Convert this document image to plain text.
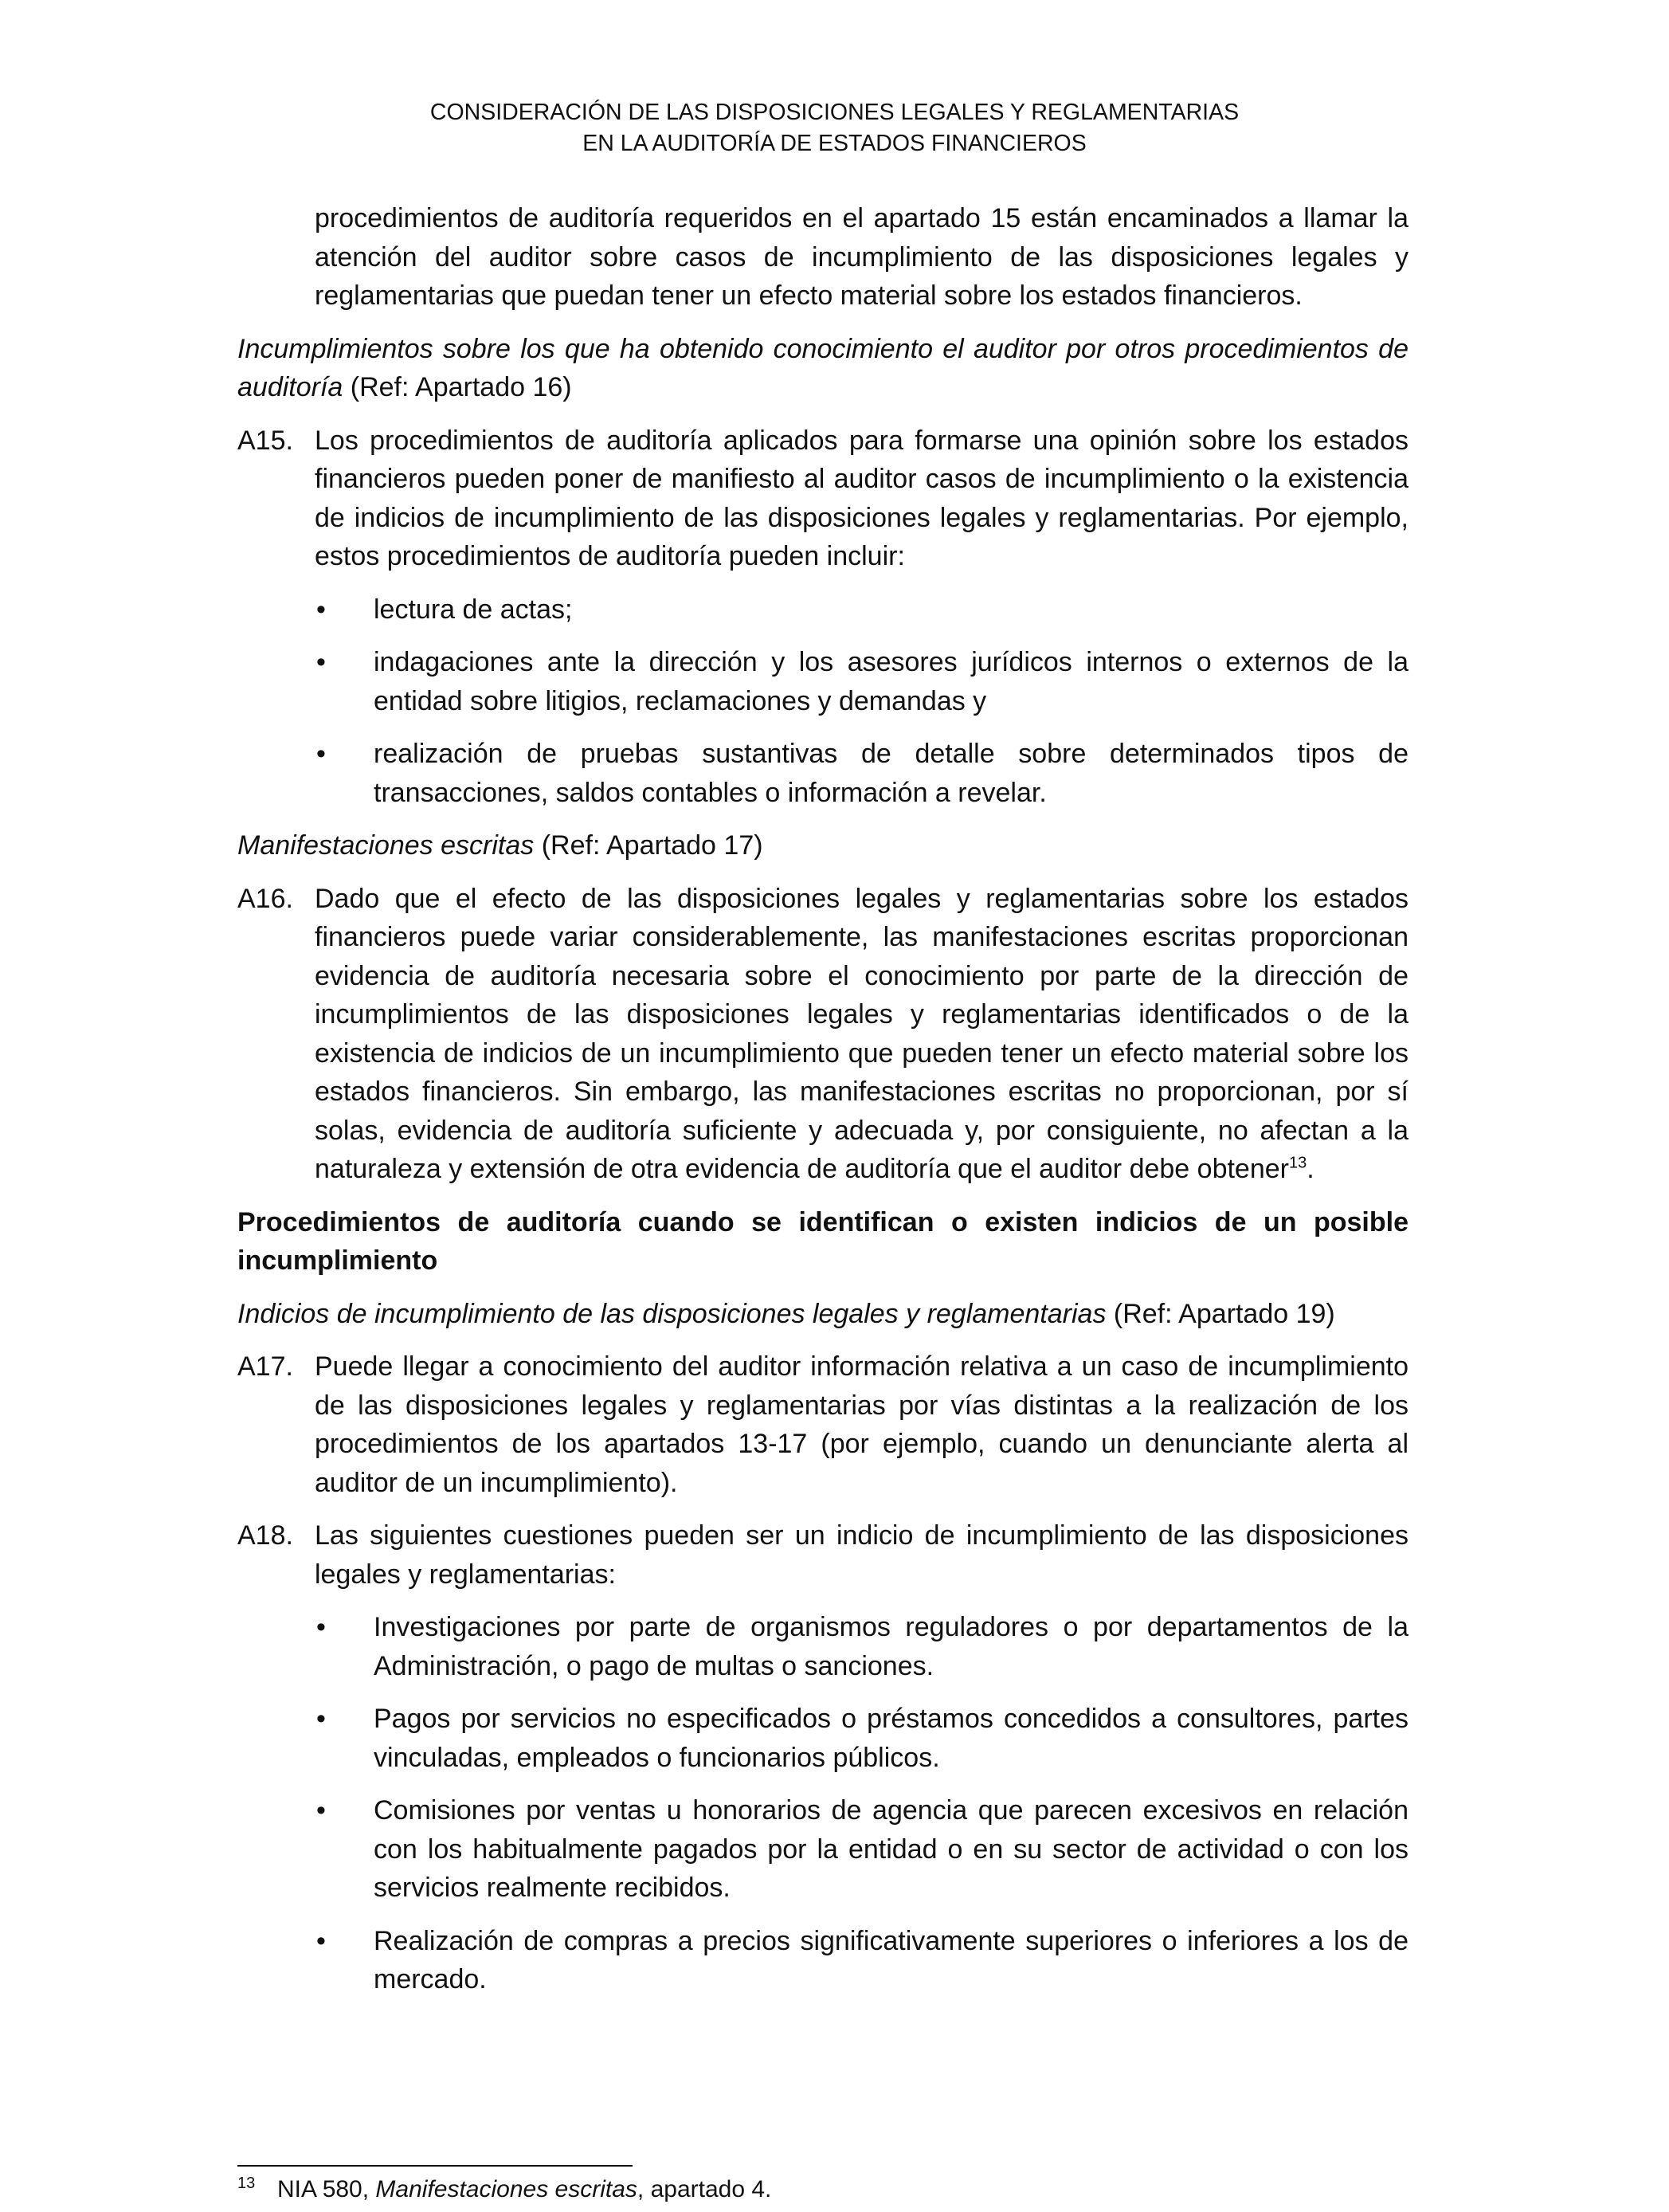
CONSIDERACIÓN DE LAS DISPOSICIONES LEGALES Y REGLAMENTARIAS
EN LA AUDITORÍA DE ESTADOS FINANCIEROS

procedimientos de auditoría requeridos en el apartado 15 están encaminados a llamar la atención del auditor sobre casos de incumplimiento de las disposiciones legales y reglamentarias que puedan tener un efecto material sobre los estados financieros.

Incumplimientos sobre los que ha obtenido conocimiento el auditor por otros procedimientos de auditoría (Ref: Apartado 16)

A15. Los procedimientos de auditoría aplicados para formarse una opinión sobre los estados financieros pueden poner de manifiesto al auditor casos de incumplimiento o la existencia de indicios de incumplimiento de las disposiciones legales y reglamentarias. Por ejemplo, estos procedimientos de auditoría pueden incluir:
•	lectura de actas;
•	indagaciones ante la dirección y los asesores jurídicos internos o externos de la entidad sobre litigios, reclamaciones y demandas y
•	realización de pruebas sustantivas de detalle sobre determinados tipos de transacciones, saldos contables o información a revelar.

Manifestaciones escritas (Ref: Apartado 17)

A16. Dado que el efecto de las disposiciones legales y reglamentarias sobre los estados financieros puede variar considerablemente, las manifestaciones escritas proporcionan evidencia de auditoría necesaria sobre el conocimiento por parte de la dirección de incumplimientos de las disposiciones legales y reglamentarias identificados o de la existencia de indicios de un incumplimiento que pueden tener un efecto material sobre los estados financieros. Sin embargo, las manifestaciones escritas no proporcionan, por sí solas, evidencia de auditoría suficiente y adecuada y, por consiguiente, no afectan a la naturaleza y extensión de otra evidencia de auditoría que el auditor debe obtener$^{13}$.

Procedimientos de auditoría cuando se identifican o existen indicios de un posible incumplimiento

Indicios de incumplimiento de las disposiciones legales y reglamentarias (Ref: Apartado 19)

A17. Puede llegar a conocimiento del auditor información relativa a un caso de incumplimiento de las disposiciones legales y reglamentarias por vías distintas a la realización de los procedimientos de los apartados 13-17 (por ejemplo, cuando un denunciante alerta al auditor de un incumplimiento).
A18. Las siguientes cuestiones pueden ser un indicio de incumplimiento de las disposiciones legales y reglamentarias:
•	Investigaciones por parte de organismos reguladores o por departamentos de la Administración, o pago de multas o sanciones.
•	Pagos por servicios no especificados o préstamos concedidos a consultores, partes vinculadas, empleados o funcionarios públicos.
•	Comisiones por ventas u honorarios de agencia que parecen excesivos en relación con los habitualmente pagados por la entidad o en su sector de actividad o con los servicios realmente recibidos.
•	Realización de compras a precios significativamente superiores o inferiores a los de mercado.
13 NIA 580, Manifestaciones escritas, apartado 4.
